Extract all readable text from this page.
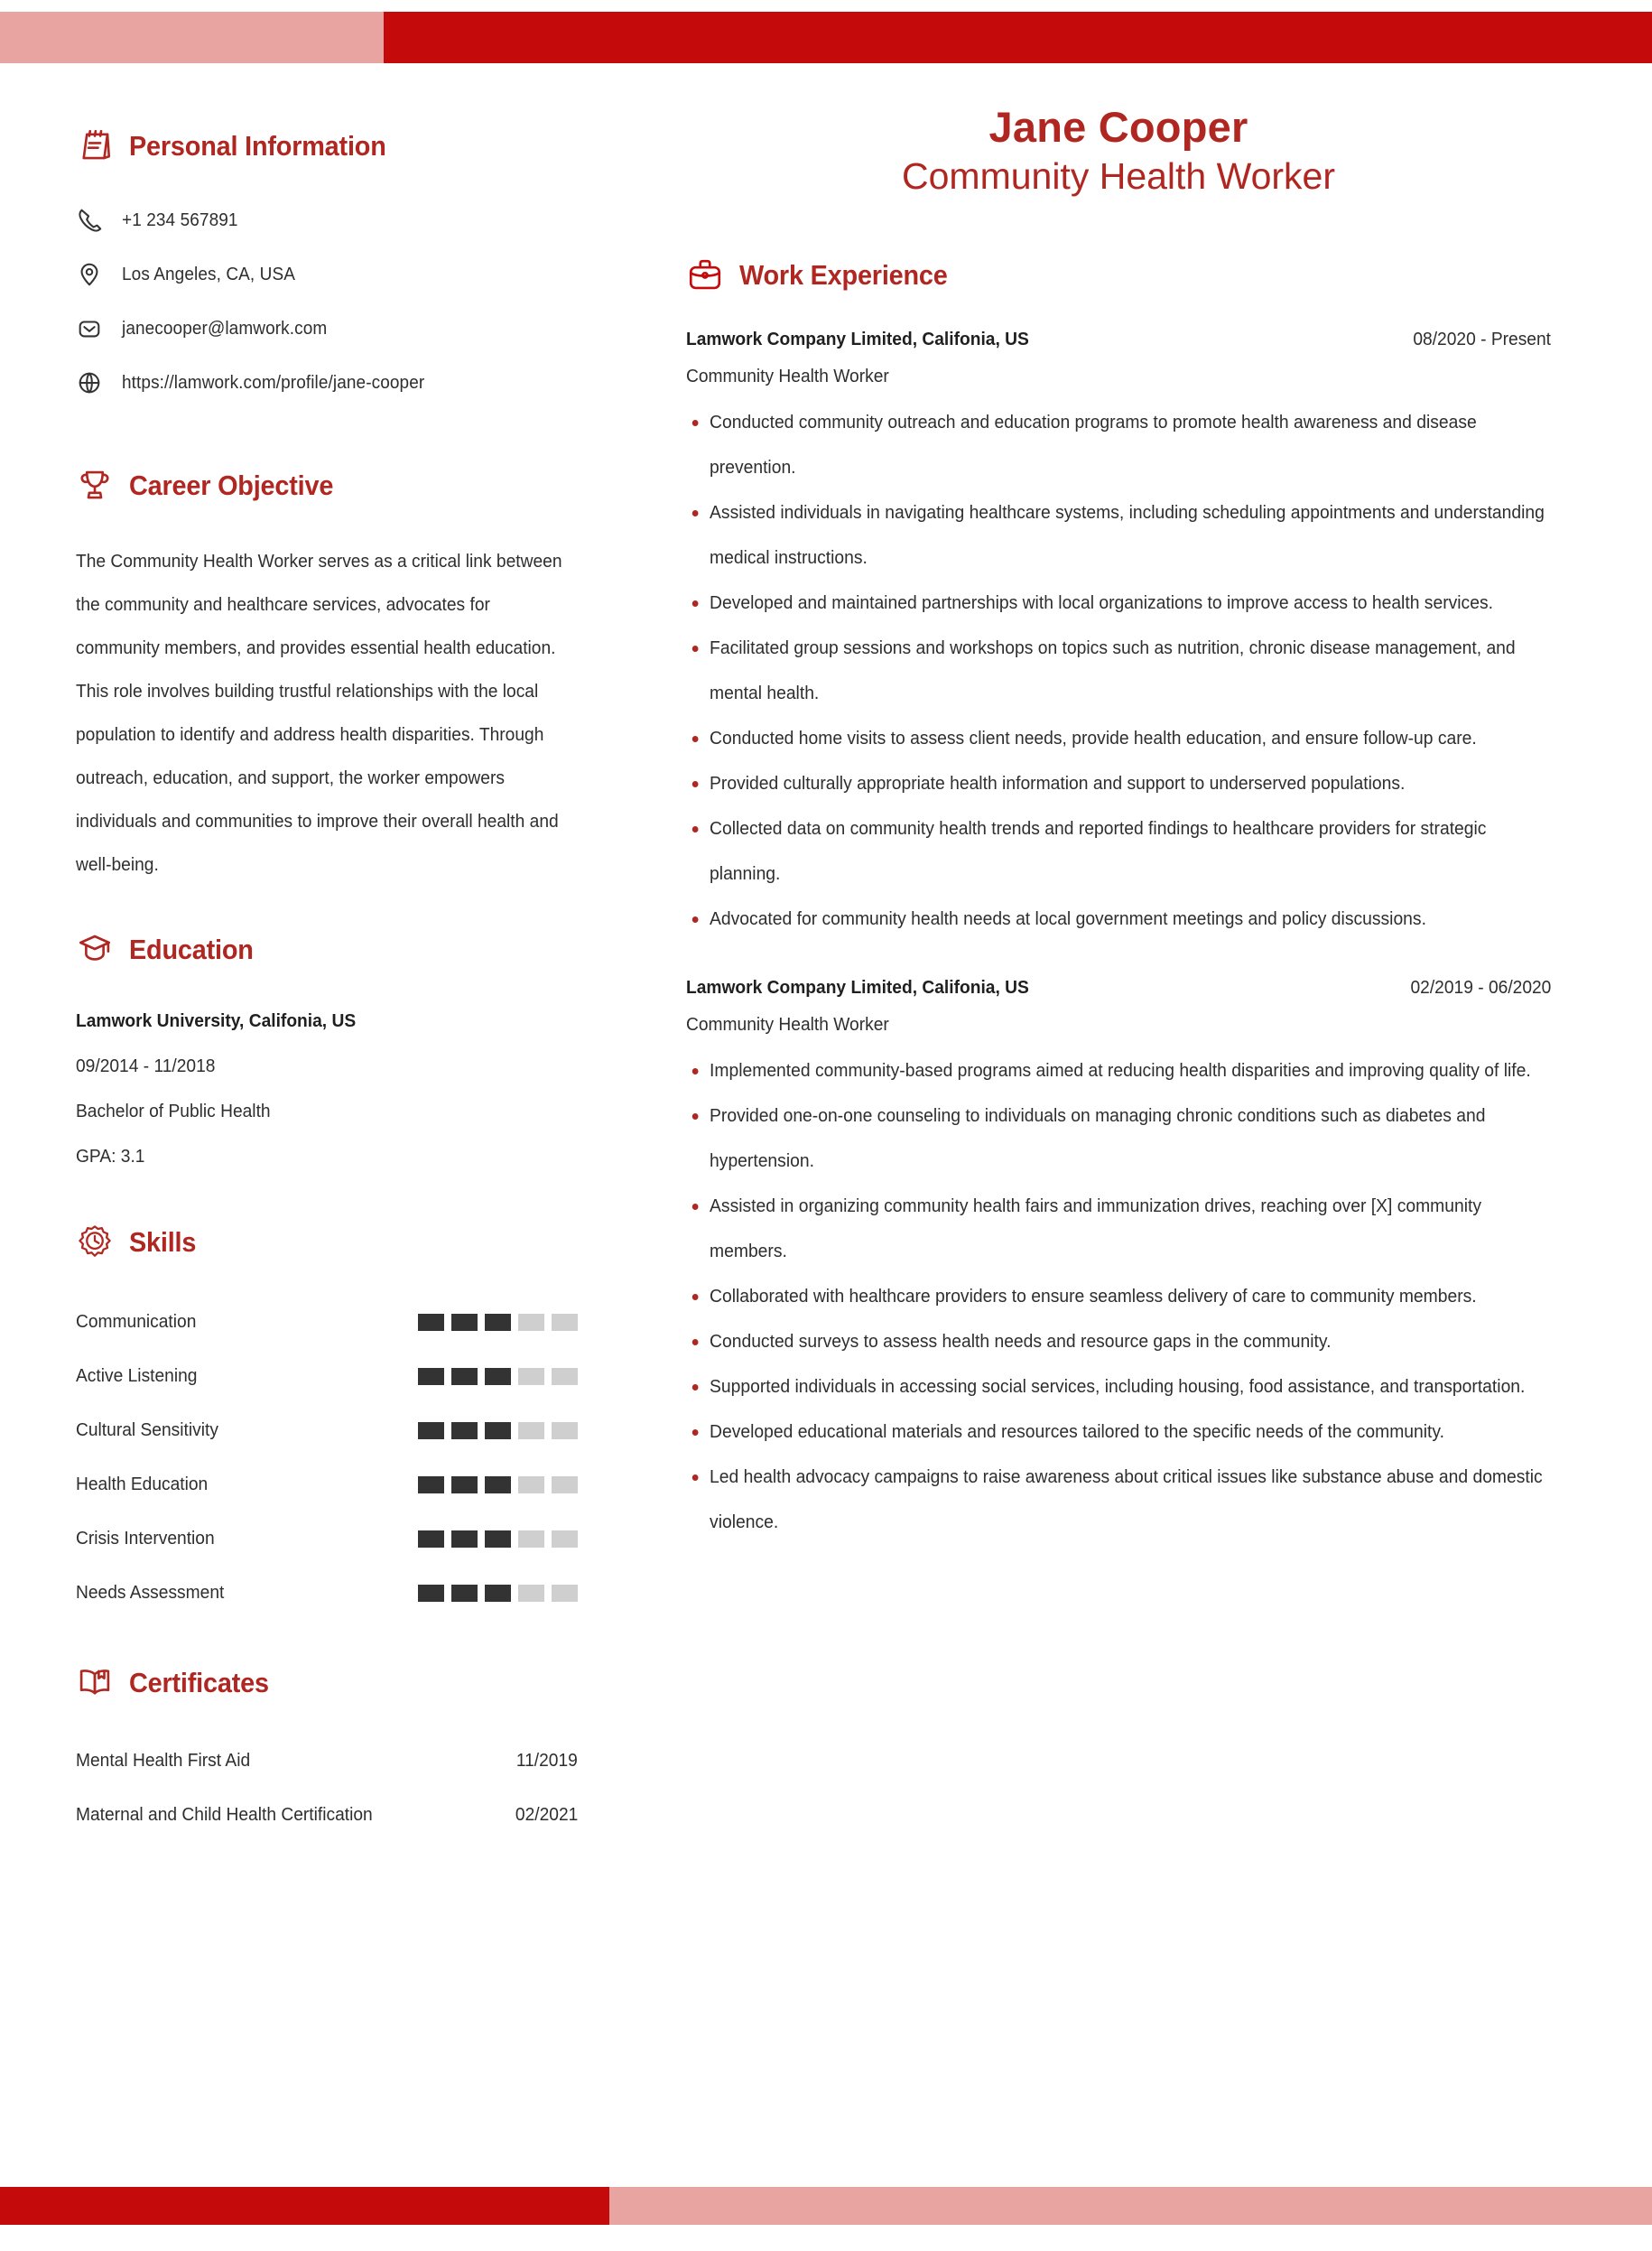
Personal Information
+1 234 567891
Los Angeles, CA, USA
janecooper@lamwork.com
https://lamwork.com/profile/jane-cooper
Career Objective
The Community Health Worker serves as a critical link between the community and healthcare services, advocates for community members, and provides essential health education. This role involves building trustful relationships with the local population to identify and address health disparities. Through outreach, education, and support, the worker empowers individuals and communities to improve their overall health and well-being.
Education
Lamwork University, Califonia, US
09/2014 - 11/2018
Bachelor of Public Health
GPA: 3.1
Skills
Communication
Active Listening
Cultural Sensitivity
Health Education
Crisis Intervention
Needs Assessment
Certificates
Mental Health First Aid	11/2019
Maternal and Child Health Certification	02/2021
Jane Cooper
Community Health Worker
Work Experience
Lamwork Company Limited, Califonia, US	08/2020 - Present
Community Health Worker
Conducted community outreach and education programs to promote health awareness and disease prevention.
Assisted individuals in navigating healthcare systems, including scheduling appointments and understanding medical instructions.
Developed and maintained partnerships with local organizations to improve access to health services.
Facilitated group sessions and workshops on topics such as nutrition, chronic disease management, and mental health.
Conducted home visits to assess client needs, provide health education, and ensure follow-up care.
Provided culturally appropriate health information and support to underserved populations.
Collected data on community health trends and reported findings to healthcare providers for strategic planning.
Advocated for community health needs at local government meetings and policy discussions.
Lamwork Company Limited, Califonia, US	02/2019 - 06/2020
Community Health Worker
Implemented community-based programs aimed at reducing health disparities and improving quality of life.
Provided one-on-one counseling to individuals on managing chronic conditions such as diabetes and hypertension.
Assisted in organizing community health fairs and immunization drives, reaching over [X] community members.
Collaborated with healthcare providers to ensure seamless delivery of care to community members.
Conducted surveys to assess health needs and resource gaps in the community.
Supported individuals in accessing social services, including housing, food assistance, and transportation.
Developed educational materials and resources tailored to the specific needs of the community.
Led health advocacy campaigns to raise awareness about critical issues like substance abuse and domestic violence.
